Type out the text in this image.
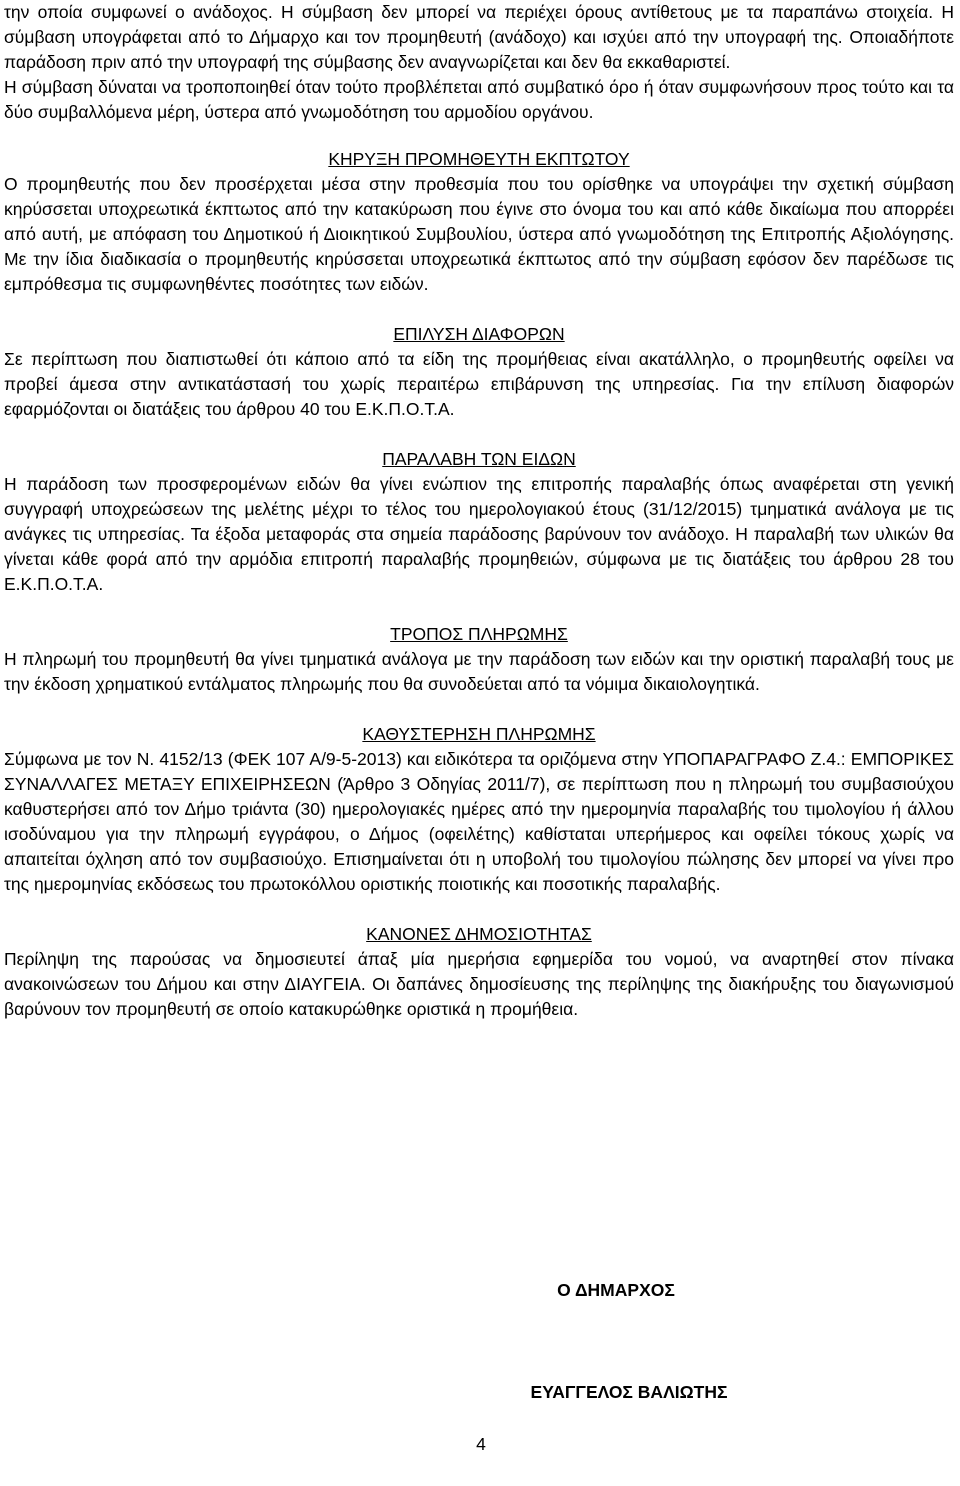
την οποία συμφωνεί ο ανάδοχος. Η σύμβαση δεν μπορεί να περιέχει όρους αντίθετους με τα παραπάνω στοιχεία. Η σύμβαση υπογράφεται από το Δήμαρχο και τον προμηθευτή (ανάδοχο) και ισχύει από την υπογραφή της. Οποιαδήποτε παράδοση πριν από την υπογραφή της σύμβασης δεν αναγνωρίζεται και δεν θα εκκαθαριστεί.

Η σύμβαση δύναται να τροποποιηθεί όταν τούτο προβλέπεται από συμβατικό όρο ή όταν συμφωνήσουν προς τούτο και τα δύο συμβαλλόμενα μέρη, ύστερα από γνωμοδότηση του αρμοδίου οργάνου.

ΚΗΡΥΞΗ ΠΡΟΜΗΘΕΥΤΗ ΕΚΠΤΩΤΟΥ

Ο προμηθευτής που δεν προσέρχεται μέσα στην προθεσμία που του ορίσθηκε να υπογράψει την σχετική σύμβαση κηρύσσεται υποχρεωτικά έκπτωτος από την κατακύρωση που έγινε στο όνομα του και από κάθε δικαίωμα που απορρέει από αυτή, με απόφαση του Δημοτικού ή Διοικητικού Συμβουλίου, ύστερα από γνωμοδότηση της Επιτροπής Αξιολόγησης. Με την ίδια διαδικασία ο προμηθευτής κηρύσσεται υποχρεωτικά έκπτωτος από την σύμβαση εφόσον δεν παρέδωσε τις εμπρόθεσμα τις συμφωνηθέντες ποσότητες των ειδών.

ΕΠΙΛΥΣΗ ΔΙΑΦΟΡΩΝ

Σε περίπτωση που διαπιστωθεί ότι κάποιο από τα είδη της προμήθειας είναι ακατάλληλο, ο προμηθευτής οφείλει να προβεί άμεσα στην αντικατάστασή του χωρίς περαιτέρω επιβάρυνση της υπηρεσίας. Για την επίλυση διαφορών εφαρμόζονται οι διατάξεις του άρθρου 40 του Ε.Κ.Π.Ο.Τ.Α.

ΠΑΡΑΛΑΒΗ ΤΩΝ ΕΙΔΩΝ

Η παράδοση των προσφερομένων ειδών θα γίνει ενώπιον της επιτροπής παραλαβής όπως αναφέρεται στη γενική συγγραφή υποχρεώσεων της μελέτης μέχρι το τέλος του ημερολογιακού έτους (31/12/2015) τμηματικά ανάλογα με τις ανάγκες τις υπηρεσίας. Τα έξοδα μεταφοράς στα σημεία παράδοσης βαρύνουν τον ανάδοχο. Η παραλαβή των υλικών θα γίνεται κάθε φορά από την αρμόδια επιτροπή παραλαβής προμηθειών, σύμφωνα με τις διατάξεις του άρθρου 28 του Ε.Κ.Π.Ο.Τ.Α.

ΤΡΟΠΟΣ ΠΛΗΡΩΜΗΣ

Η πληρωμή του προμηθευτή θα γίνει τμηματικά ανάλογα με την παράδοση των ειδών και την οριστική παραλαβή τους με την έκδοση χρηματικού εντάλματος πληρωμής που θα συνοδεύεται από τα νόμιμα δικαιολογητικά.

ΚΑΘΥΣΤΕΡΗΣΗ ΠΛΗΡΩΜΗΣ

Σύμφωνα με τον Ν. 4152/13 (ΦΕΚ 107 Α/9-5-2013) και ειδικότερα τα οριζόμενα στην ΥΠΟΠΑΡΑΓΡΑΦΟ Ζ.4.: ΕΜΠΟΡΙΚΕΣ ΣΥΝΑΛΛΑΓΕΣ ΜΕΤΑΞΥ ΕΠΙΧΕΙΡΗΣΕΩΝ (Άρθρο 3 Οδηγίας 2011/7), σε περίπτωση που η πληρωμή του συμβασιούχου καθυστερήσει από τον Δήμο τριάντα (30) ημερολογιακές ημέρες από την ημερομηνία παραλαβής του τιμολογίου ή άλλου ισοδύναμου για την πληρωμή εγγράφου, ο Δήμος (οφειλέτης) καθίσταται υπερήμερος και οφείλει τόκους χωρίς να απαιτείται όχληση από τον συμβασιούχο. Επισημαίνεται ότι η υποβολή του τιμολογίου πώλησης δεν μπορεί να γίνει προ της ημερομηνίας εκδόσεως του πρωτοκόλλου οριστικής ποιοτικής και ποσοτικής παραλαβής.

ΚΑΝΟΝΕΣ ΔΗΜΟΣΙΟΤΗΤΑΣ

Περίληψη της παρούσας να δημοσιευτεί άπαξ μία ημερήσια εφημερίδα του νομού, να αναρτηθεί στον πίνακα ανακοινώσεων του Δήμου και στην ΔΙΑΥΓΕΙΑ. Οι δαπάνες δημοσίευσης της περίληψης της διακήρυξης του διαγωνισμού βαρύνουν τον προμηθευτή σε οποίο κατακυρώθηκε οριστικά η προμήθεια.

Ο ΔΗΜΑΡΧΟΣ
ΕΥΑΓΓΕΛΟΣ ΒΑΛΙΩΤΗΣ
4
